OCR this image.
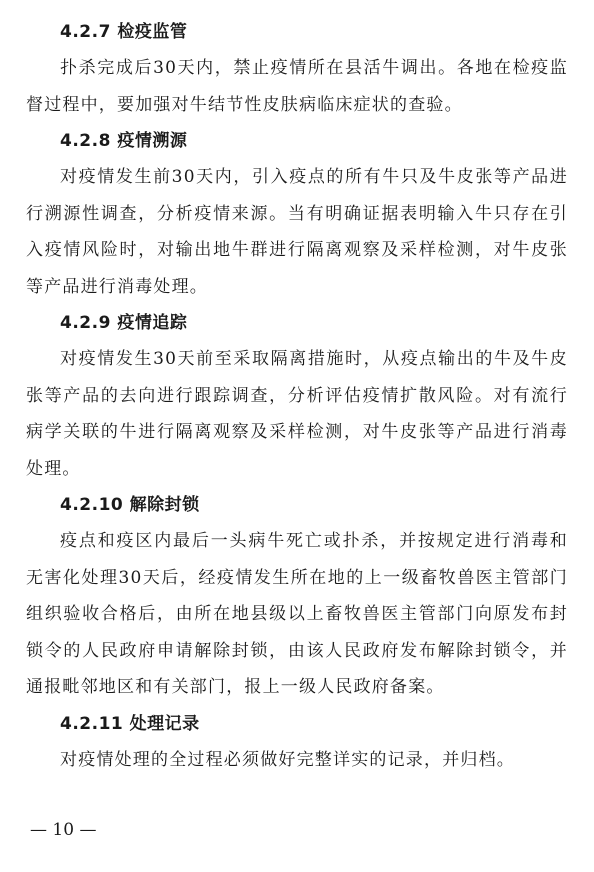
4.2.7 检疫监管

扑杀完成后30天内，禁止疫情所在县活牛调出。各地在检疫监督过程中，要加强对牛结节性皮肤病临床症状的查验。

4.2.8 疫情溯源

对疫情发生前30天内，引入疫点的所有牛只及牛皮张等产品进行溯源性调查，分析疫情来源。当有明确证据表明输入牛只存在引入疫情风险时，对输出地牛群进行隔离观察及采样检测，对牛皮张等产品进行消毒处理。

4.2.9 疫情追踪

对疫情发生30天前至采取隔离措施时，从疫点输出的牛及牛皮张等产品的去向进行跟踪调查，分析评估疫情扩散风险。对有流行病学关联的牛进行隔离观察及采样检测，对牛皮张等产品进行消毒处理。

4.2.10 解除封锁

疫点和疫区内最后一头病牛死亡或扑杀，并按规定进行消毒和无害化处理30天后，经疫情发生所在地的上一级畜牧兽医主管部门组织验收合格后，由所在地县级以上畜牧兽医主管部门向原发布封锁令的人民政府申请解除封锁，由该人民政府发布解除封锁令，并通报毗邻地区和有关部门，报上一级人民政府备案。

4.2.11 处理记录

对疫情处理的全过程必须做好完整详实的记录，并归档。

— 10 —
